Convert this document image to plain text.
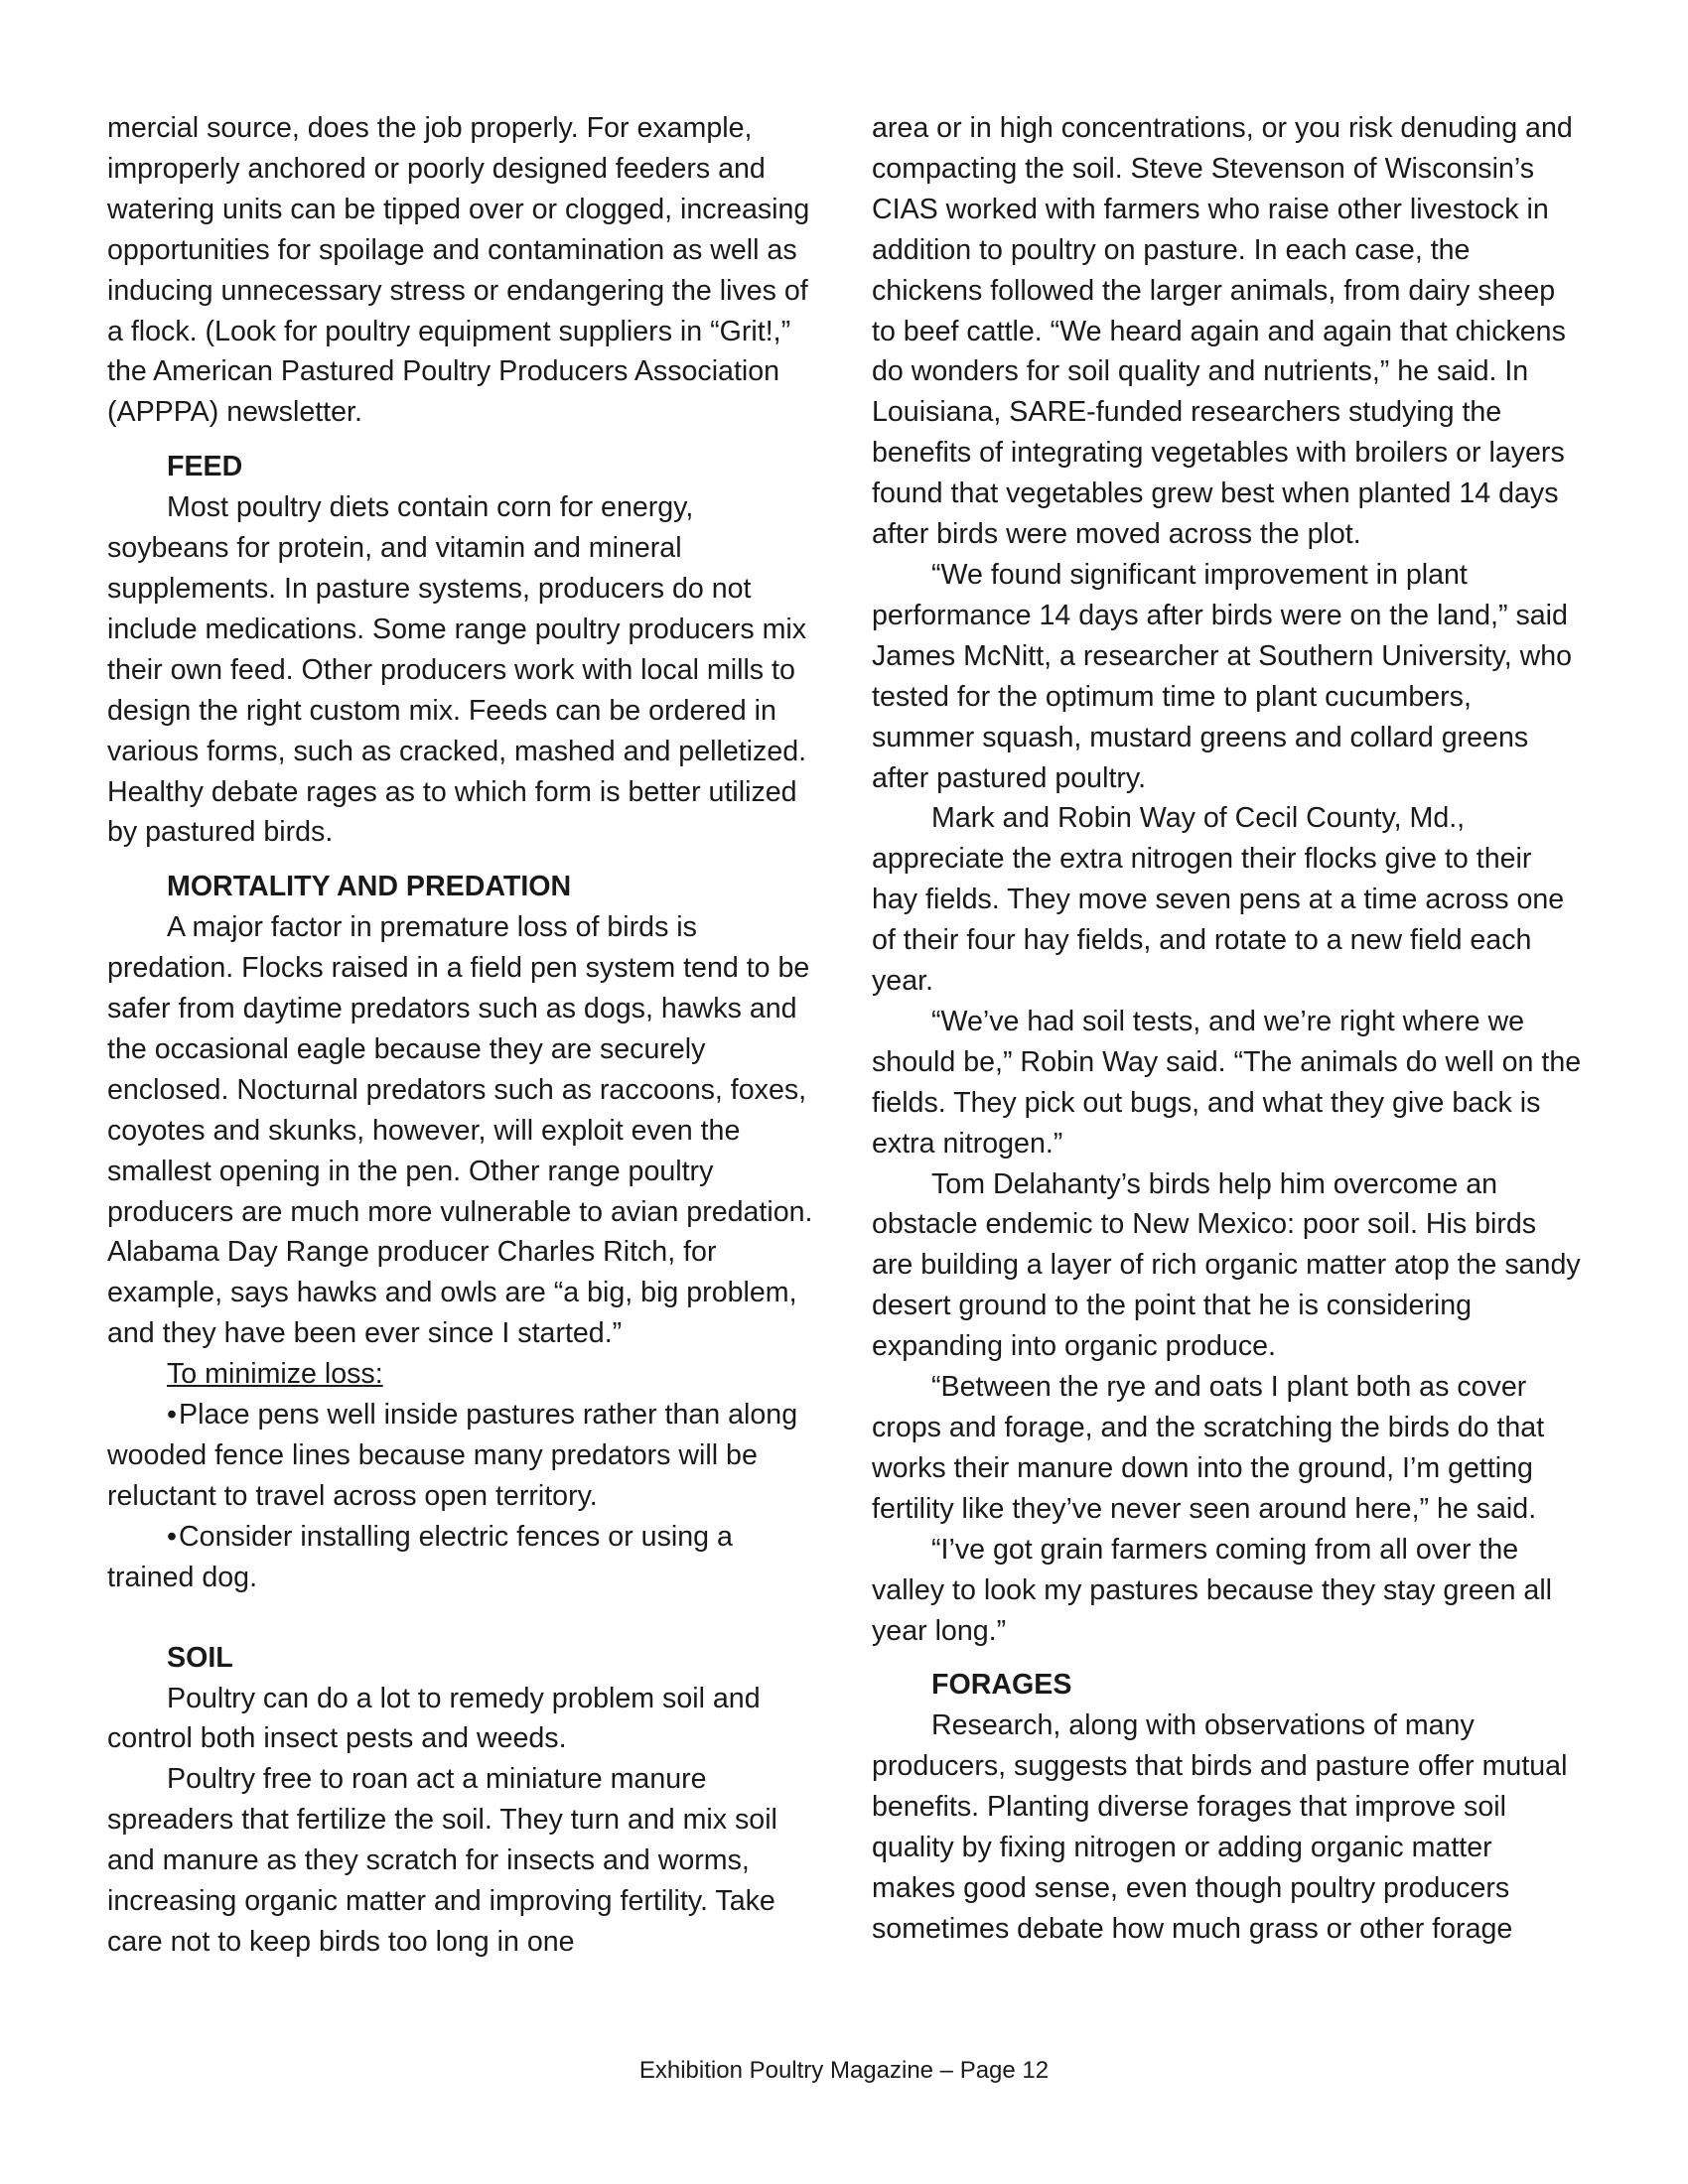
mercial source, does the job properly. For example, improperly anchored or poorly designed feeders and watering units can be tipped over or clogged, increasing opportunities for spoilage and contamination as well as inducing unnecessary stress or endangering the lives of a flock. (Look for poultry equipment suppliers in “Grit!,” the American Pastured Poultry Producers Association (APPPA) newsletter.

FEED

Most poultry diets contain corn for energy, soybeans for protein, and vitamin and mineral supplements. In pasture systems, producers do not include medications. Some range poultry producers mix their own feed. Other producers work with local mills to design the right custom mix. Feeds can be ordered in various forms, such as cracked, mashed and pelletized. Healthy debate rages as to which form is better utilized by pastured birds.

MORTALITY AND PREDATION

A major factor in premature loss of birds is predation. Flocks raised in a field pen system tend to be safer from daytime predators such as dogs, hawks and the occasional eagle because they are securely enclosed. Nocturnal predators such as raccoons, foxes, coyotes and skunks, however, will exploit even the smallest opening in the pen. Other range poultry producers are much more vulnerable to avian predation. Alabama Day Range producer Charles Ritch, for example, says hawks and owls are “a big, big problem, and they have been ever since I started.”

To minimize loss:

•Place pens well inside pastures rather than along wooded fence lines because many predators will be reluctant to travel across open territory.

•Consider installing electric fences or using a trained dog.

SOIL

Poultry can do a lot to remedy problem soil and control both insect pests and weeds.

Poultry free to roan act a miniature manure spreaders that fertilize the soil. They turn and mix soil and manure as they scratch for insects and worms, increasing organic matter and improving fertility. Take care not to keep birds too long in one

area or in high concentrations, or you risk denuding and compacting the soil. Steve Stevenson of Wisconsin’s CIAS worked with farmers who raise other livestock in addition to poultry on pasture. In each case, the chickens followed the larger animals, from dairy sheep to beef cattle. “We heard again and again that chickens do wonders for soil quality and nutrients,” he said. In Louisiana, SARE-funded researchers studying the benefits of integrating vegetables with broilers or layers found that vegetables grew best when planted 14 days after birds were moved across the plot.

“We found significant improvement in plant performance 14 days after birds were on the land,” said James McNitt, a researcher at Southern University, who tested for the optimum time to plant cucumbers, summer squash, mustard greens and collard greens after pastured poultry.

Mark and Robin Way of Cecil County, Md., appreciate the extra nitrogen their flocks give to their hay fields. They move seven pens at a time across one of their four hay fields, and rotate to a new field each year.

“We’ve had soil tests, and we’re right where we should be,” Robin Way said. “The animals do well on the fields. They pick out bugs, and what they give back is extra nitrogen.”

Tom Delahanty’s birds help him overcome an obstacle endemic to New Mexico: poor soil. His birds are building a layer of rich organic matter atop the sandy desert ground to the point that he is considering expanding into organic produce.

“Between the rye and oats I plant both as cover crops and forage, and the scratching the birds do that works their manure down into the ground, I’m getting fertility like they’ve never seen around here,” he said.

“I’ve got grain farmers coming from all over the valley to look my pastures because they stay green all year long.”

FORAGES

Research, along with observations of many producers, suggests that birds and pasture offer mutual benefits. Planting diverse forages that improve soil quality by fixing nitrogen or adding organic matter makes good sense, even though poultry producers sometimes debate how much grass or other forage

Exhibition Poultry Magazine – Page 12
